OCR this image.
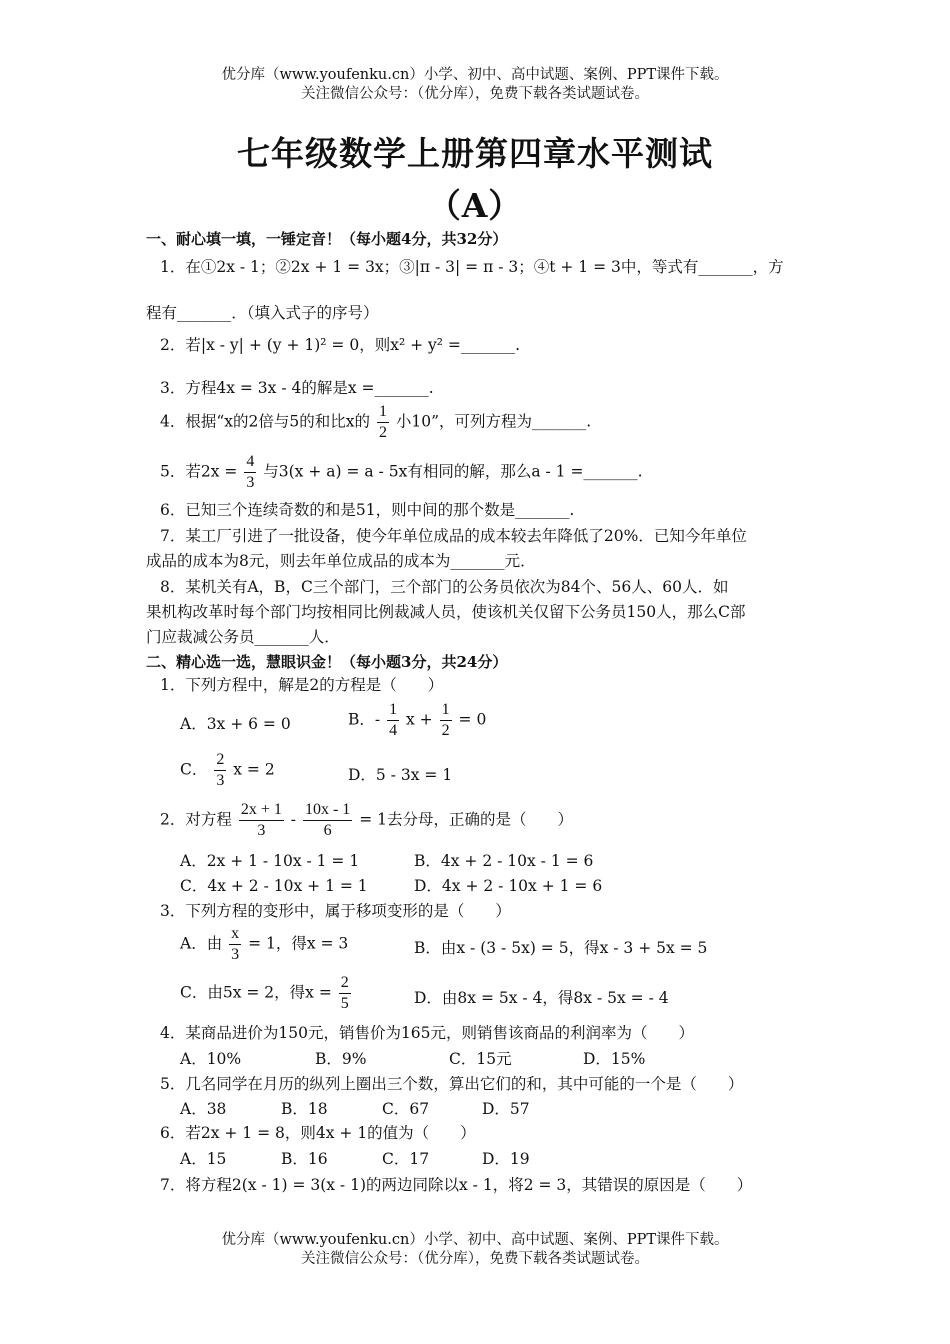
优分库（www.youfenku.cn）小学、初中、高中试题、案例、PPT课件下载。
关注微信公众号：（优分库），免费下载各类试题试卷。
七年级数学上册第四章水平测试
（A）
一、耐心填一填，一锤定音！（每小题4分，共32分）
1．在①2x - 1；②2x + 1 = 3x；③|π - 3| = π - 3；④t + 1 = 3中，等式有_______，方
程有_______．（填入式子的序号）
2．若|x - y| + (y + 1)² = 0，则x² + y² =_______.
3．方程4x = 3x - 4的解是x =_______.
4．根据“x的2倍与5的和比x的 $\frac{1}{2}$ 小10”，可列方程为_______.
5．若$2x = \frac{4}{3}$ 与3(x + a) = a - 5x有相同的解，那么a - 1 =_______.
6．已知三个连续奇数的和是51，则中间的那个数是_______.
7．某工厂引进了一批设备，使今年单位成品的成本较去年降低了20%．已知今年单位
成品的成本为8元，则去年单位成品的成本为_______元．
8．某机关有A，B，C三个部门，三个部门的公务员依次为84个、56人、60人．如
果机构改革时每个部门均按相同比例裁减人员，使该机关仅留下公务员150人，那么C部
门应裁减公务员_______人．
二、精心选一选，慧眼识金！（每小题3分，共24分）
1．下列方程中，解是2的方程是（　　）
A．3x + 6 = 0	B．- $\frac{1}{4}$ $x + \frac{1}{2} = 0$
C． $\frac{2}{3}$ x = 2	D．5 - 3x = 1
2．对方程 $\frac{2x + 1}{3} - \frac{10x - 1}{6} = 1$去分母，正确的是（　　）
A．2x + 1 - 10x - 1 = 1	B．4x + 2 - 10x - 1 = 6
C．4x + 2 - 10x + 1 = 1	D．4x + 2 - 10x + 1 = 6
3．下列方程的变形中，属于移项变形的是（　　）
A．由 $\frac{x}{3} = 1$，得x = 3	B．由x - (3 - 5x) = 5，得x - 3 + 5x = 5
C．由5x = 2，得$x = \frac{2}{5}$	D．由8x = 5x - 4，得8x - 5x = - 4
4．某商品进价为150元，销售价为165元，则销售该商品的利润率为（　　）
A．10%	B．9%	C．15元	D．15%
5．几名同学在月历的纵列上圈出三个数，算出它们的和，其中可能的一个是（　　）
A．38	B．18	C．67	D．57
6．若2x + 1 = 8，则4x + 1的值为（　　）
A．15	B．16	C．17	D．19
7．将方程2(x - 1) = 3(x - 1)的两边同除以x - 1，将2 = 3，其错误的原因是（　　）
优分库（www.youfenku.cn）小学、初中、高中试题、案例、PPT课件下载。
关注微信公众号：（优分库），免费下载各类试题试卷。
